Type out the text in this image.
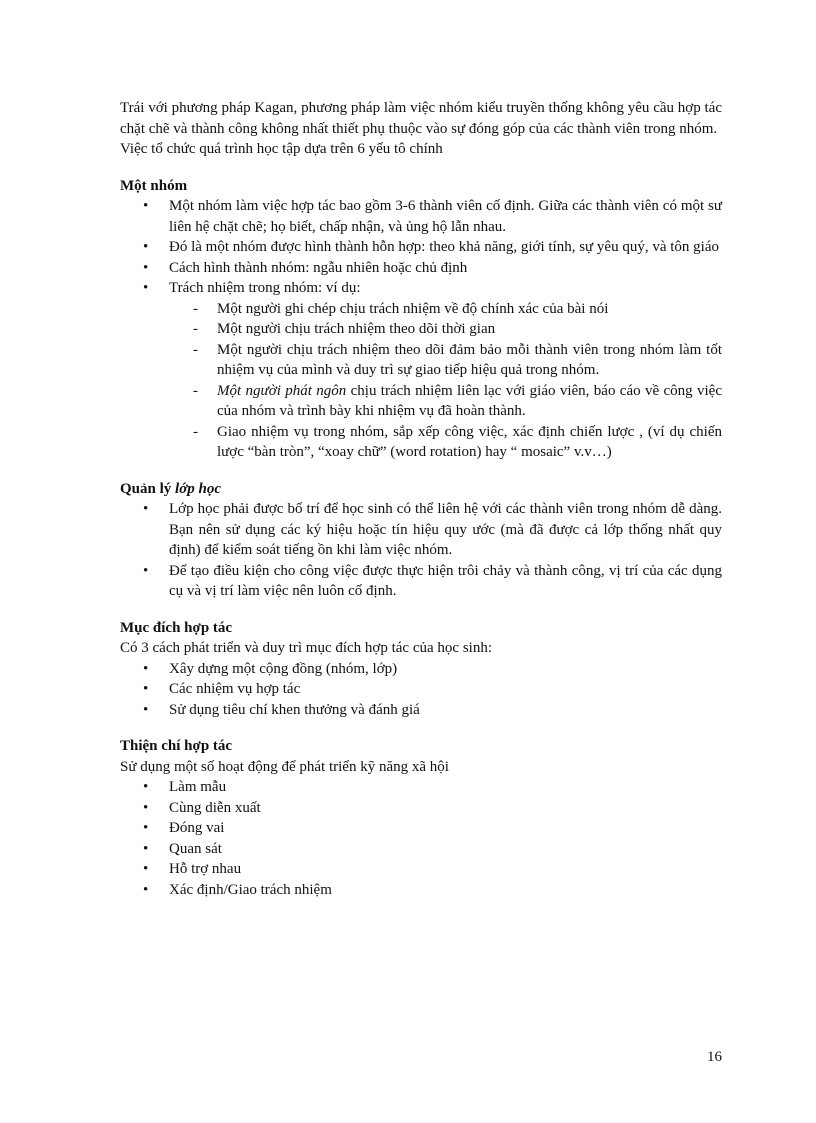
Trái với phương pháp Kagan, phương pháp làm việc nhóm kiểu truyền thống không yêu cầu hợp tác chặt chẽ và thành công không nhất thiết phụ thuộc vào sự đóng góp của các thành viên trong nhóm.

Việc tổ chức quá trình học tập dựa trên 6 yếu tô chính

Một nhóm

• Một nhóm làm việc hợp tác bao gồm 3-6 thành viên cố định. Giữa các thành viên có một sư liên hệ chặt chẽ; họ biết, chấp nhận, và ủng hộ lẫn nhau.
• Đó là một nhóm được hình thành hỗn hợp: theo khả năng, giới tính, sự yêu quý, và tôn giáo
• Cách hình thành nhóm: ngẫu nhiên hoặc chủ định
• Trách nhiệm trong nhóm: ví dụ:
- Một người ghi chép chịu trách nhiệm về độ chính xác của bài nói
- Một người chịu trách nhiệm theo dõi thời gian
- Một người chịu trách nhiệm theo dõi đảm bảo mỗi thành viên trong nhóm làm tốt nhiệm vụ của mình và duy trì sự giao tiếp hiệu quả trong nhóm.
- Một người phát ngôn chịu trách nhiệm liên lạc với giáo viên, báo cáo về công việc của nhóm và trình bày khi nhiệm vụ đã hoàn thành.
- Giao nhiệm vụ trong nhóm, sắp xếp công việc, xác định chiến lược , (ví dụ chiến lược “bàn tròn”, “xoay chữ” (word rotation) hay “ mosaic” v.v…)

Quản lý lớp học

• Lớp học phải được bố trí để học sinh có thể liên hệ với các thành viên trong nhóm dễ dàng. Bạn nên sử dụng các ký hiệu hoặc tín hiệu quy ước (mà đã được cả lớp thống nhất quy định) để kiểm soát tiếng ồn khi làm việc nhóm.
• Để tạo điều kiện cho công việc được thực hiện trôi chảy và thành công, vị trí của các dụng cụ và vị trí làm việc nên luôn cố định.

Mục đích hợp tác

Có 3 cách phát triển và duy trì mục đích hợp tác của học sinh:

• Xây dựng một cộng đồng (nhóm, lớp)
• Các nhiệm vụ hợp tác
• Sử dụng tiêu chí khen thưởng và đánh giá

Thiện chí hợp tác

Sử dụng một số hoạt động để phát triển kỹ năng xã hội

• Làm mẫu
• Cùng diễn xuất
• Đóng vai
• Quan sát
• Hỗ trợ nhau
• Xác định/Giao trách nhiệm
16
